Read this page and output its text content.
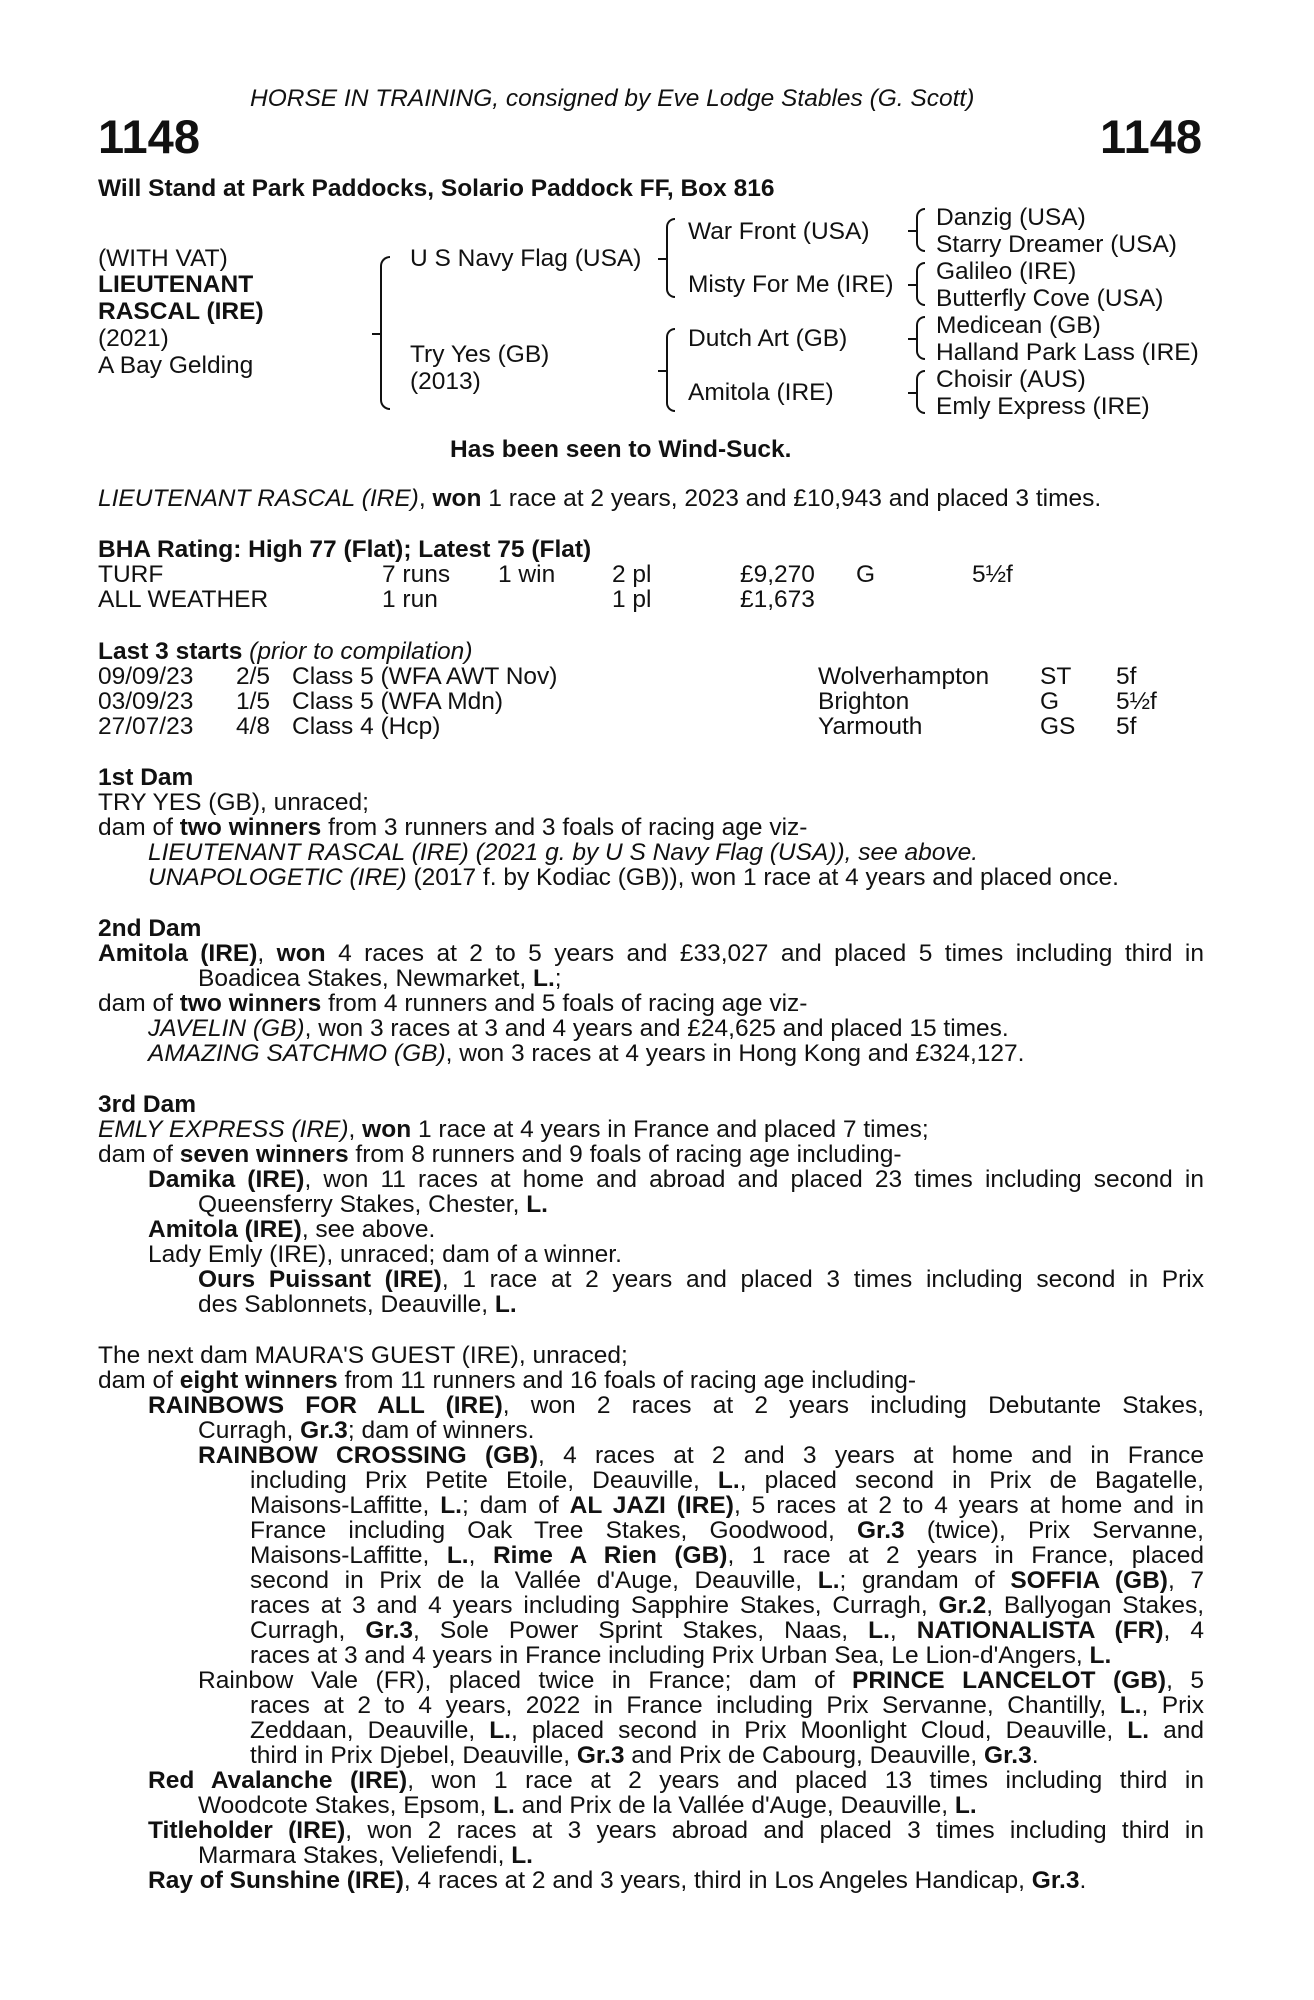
HORSE IN TRAINING, consigned by Eve Lodge Stables (G. Scott)
1148	1148
Will Stand at Park Paddocks, Solario Paddock FF, Box 816
(WITH VAT)
LIEUTENANT
RASCAL (IRE)
(2021)
A Bay Gelding
U S Navy Flag (USA)
Try Yes (GB)
(2013)
War Front (USA)
Misty For Me (IRE)
Dutch Art (GB)
Amitola (IRE)
Danzig (USA)
Starry Dreamer (USA)
Galileo (IRE)
Butterfly Cove (USA)
Medicean (GB)
Halland Park Lass (IRE)
Choisir (AUS)
Emly Express (IRE)
Has been seen to Wind-Suck.

LIEUTENANT RASCAL (IRE), won 1 race at 2 years, 2023 and £10,943 and placed 3 times.

BHA Rating: High 77 (Flat); Latest 75 (Flat)
TURF	7 runs 1 win 2 pl	£9,270 G	5½f
ALL WEATHER	1 run	1 pl	£1,673
Last 3 starts (prior to compilation)
09/09/23 2/5 Class 5 (WFA AWT Nov)	Wolverhampton ST 5f
03/09/23 1/5 Class 5 (WFA Mdn)	Brighton	G 5½f
27/07/23 4/8 Class 4 (Hcp)	Yarmouth	GS 5f

1st Dam

TRY YES (GB), unraced;

dam of two winners from 3 runners and 3 foals of racing age viz-

LIEUTENANT RASCAL (IRE) (2021 g. by U S Navy Flag (USA)), see above.

UNAPOLOGETIC (IRE) (2017 f. by Kodiac (GB)), won 1 race at 4 years and placed once.

2nd Dam

Amitola (IRE), won 4 races at 2 to 5 years and £33,027 and placed 5 times including third in

Boadicea Stakes, Newmarket, L.;

dam of two winners from 4 runners and 5 foals of racing age viz-

JAVELIN (GB), won 3 races at 3 and 4 years and £24,625 and placed 15 times.

AMAZING SATCHMO (GB), won 3 races at 4 years in Hong Kong and £324,127.

3rd Dam

EMLY EXPRESS (IRE), won 1 race at 4 years in France and placed 7 times;

dam of seven winners from 8 runners and 9 foals of racing age including-

Damika (IRE), won 11 races at home and abroad and placed 23 times including second in

Queensferry Stakes, Chester, L.

Amitola (IRE), see above.

Lady Emly (IRE), unraced; dam of a winner.

Ours Puissant (IRE), 1 race at 2 years and placed 3 times including second in Prix

des Sablonnets, Deauville, L.

The next dam MAURA'S GUEST (IRE), unraced;

dam of eight winners from 11 runners and 16 foals of racing age including-

RAINBOWS FOR ALL (IRE), won 2 races at 2 years including Debutante Stakes,

Curragh, Gr.3; dam of winners.

RAINBOW CROSSING (GB), 4 races at 2 and 3 years at home and in France

including Prix Petite Etoile, Deauville, L., placed second in Prix de Bagatelle,

Maisons-Laffitte, L.; dam of AL JAZI (IRE), 5 races at 2 to 4 years at home and in

France including Oak Tree Stakes, Goodwood, Gr.3 (twice), Prix Servanne,

Maisons-Laffitte, L., Rime A Rien (GB), 1 race at 2 years in France, placed

second in Prix de la Vallée d'Auge, Deauville, L.; grandam of SOFFIA (GB), 7

races at 3 and 4 years including Sapphire Stakes, Curragh, Gr.2, Ballyogan Stakes,

Curragh, Gr.3, Sole Power Sprint Stakes, Naas, L., NATIONALISTA (FR), 4

races at 3 and 4 years in France including Prix Urban Sea, Le Lion-d'Angers, L.

Rainbow Vale (FR), placed twice in France; dam of PRINCE LANCELOT (GB), 5

races at 2 to 4 years, 2022 in France including Prix Servanne, Chantilly, L., Prix

Zeddaan, Deauville, L., placed second in Prix Moonlight Cloud, Deauville, L. and

third in Prix Djebel, Deauville, Gr.3 and Prix de Cabourg, Deauville, Gr.3.

Red Avalanche (IRE), won 1 race at 2 years and placed 13 times including third in

Woodcote Stakes, Epsom, L. and Prix de la Vallée d'Auge, Deauville, L.

Titleholder (IRE), won 2 races at 3 years abroad and placed 3 times including third in

Marmara Stakes, Veliefendi, L.

Ray of Sunshine (IRE), 4 races at 2 and 3 years, third in Los Angeles Handicap, Gr.3.
